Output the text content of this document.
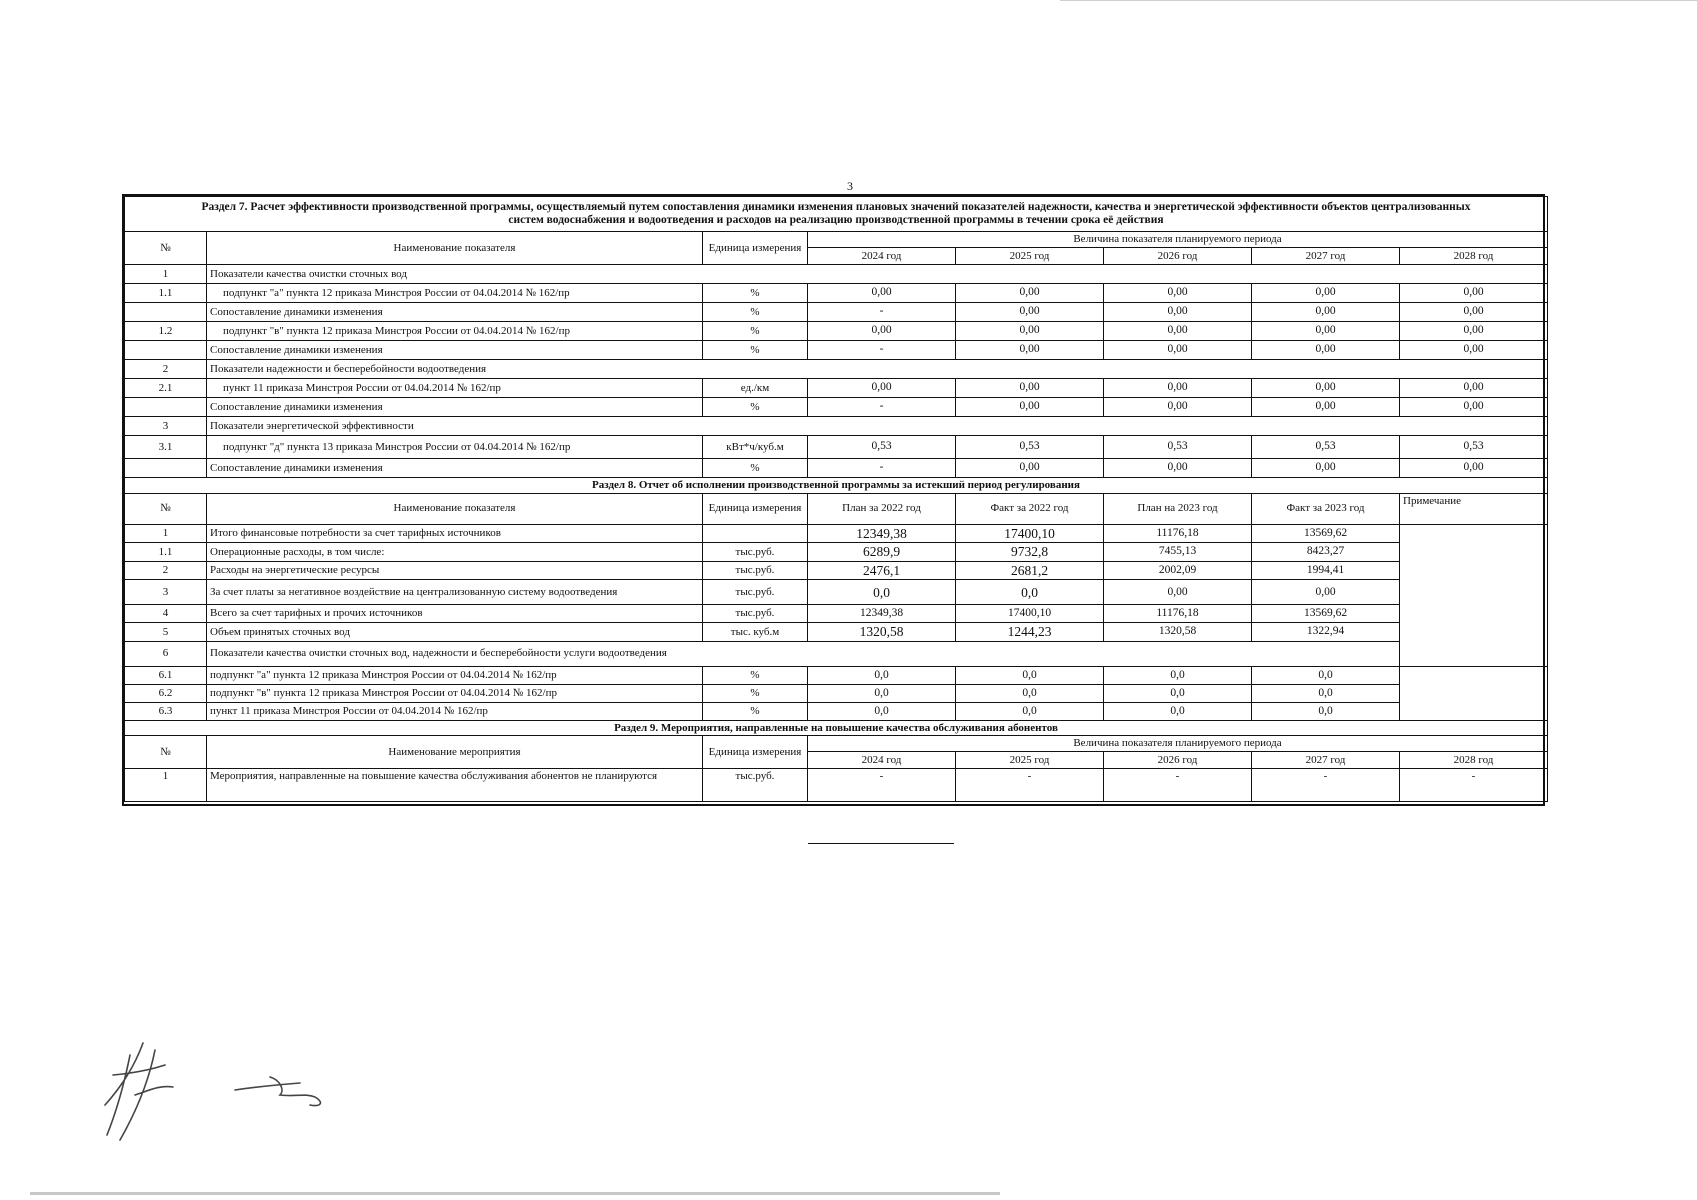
3
Раздел 7. Расчет эффективности производственной программы, осуществляемый путем сопоставления динамики изменения плановых значений показателей надежности, качества и энергетической эффективности объектов централизованных
систем водоснабжения и водоотведения и расходов на реализацию производственной программы в течении срока её действия							

№	Наименование показателя	Единица измерения	Величина показателя планируемого периода				
			2024 год	2025 год	2026 год	2027 год	2028 год
1	Показатели качества очистки сточных вод						
1.1	подпункт "а" пункта 12 приказа Минстроя России от 04.04.2014 № 162/пр	%	0,00	0,00	0,00	0,00	0,00
	Сопоставление динамики изменения	%	-	0,00	0,00	0,00	0,00
1.2	подпункт "в" пункта 12 приказа Минстроя России от 04.04.2014 № 162/пр	%	0,00	0,00	0,00	0,00	0,00
	Сопоставление динамики изменения	%	-	0,00	0,00	0,00	0,00
2	Показатели надежности и бесперебойности водоотведения						
2.1	пункт 11 приказа Минстроя России от 04.04.2014 № 162/пр	ед./км	0,00	0,00	0,00	0,00	0,00
	Сопоставление динамики изменения	%	-	0,00	0,00	0,00	0,00
3	Показатели энергетической эффективности						
3.1	подпункт "д" пункта 13 приказа Минстроя России от 04.04.2014 № 162/пр	кВт*ч/куб.м	0,53	0,53	0,53	0,53	0,53
	Сопоставление динамики изменения	%	-	0,00	0,00	0,00	0,00
Раздел 8. Отчет об исполнении производственной программы за истекший период регулирования							
№	Наименование показателя	Единица измерения	План за 2022 год	Факт за 2022 год	План на 2023 год	Факт за 2023 год	Примечание
1	Итого финансовые потребности за счет тарифных источников		12349,38	17400,10	11176,18	13569,62	
1.1	Операционные расходы, в том числе:	тыс.руб.	6289,9	9732,8	7455,13	8423,27	
2	Расходы на энергетические ресурсы	тыс.руб.	2476,1	2681,2	2002,09	1994,41	
3	За счет платы за негативное воздействие на централизованную систему водоотведения	тыс.руб.	0,0	0,0	0,00	0,00	
4	Всего за счет тарифных и прочих источников	тыс.руб.	12349,38	17400,10	11176,18	13569,62	
5	Объем принятых сточных вод	тыс. куб.м	1320,58	1244,23	1320,58	1322,94	
6	Показатели качества очистки сточных вод, надежности и бесперебойности услуги водоотведения						
6.1	подпункт "а" пункта 12 приказа Минстроя России от 04.04.2014 № 162/пр	%	0,0	0,0	0,0	0,0	
6.2	подпункт "в" пункта 12 приказа Минстроя России от 04.04.2014 № 162/пр	%	0,0	0,0	0,0	0,0	
6.3	пункт 11 приказа Минстроя России от 04.04.2014 № 162/пр	%	0,0	0,0	0,0	0,0	
Раздел 9. Мероприятия, направленные на повышение качества обслуживания абонентов							
№	Наименование мероприятия	Единица измерения	Величина показателя планируемого периода				
			2024 год	2025 год	2026 год	2027 год	2028 год
1	Мероприятия, направленные на повышение качества обслуживания абонентов не планируются	тыс.руб.	-	-	-	-	-
